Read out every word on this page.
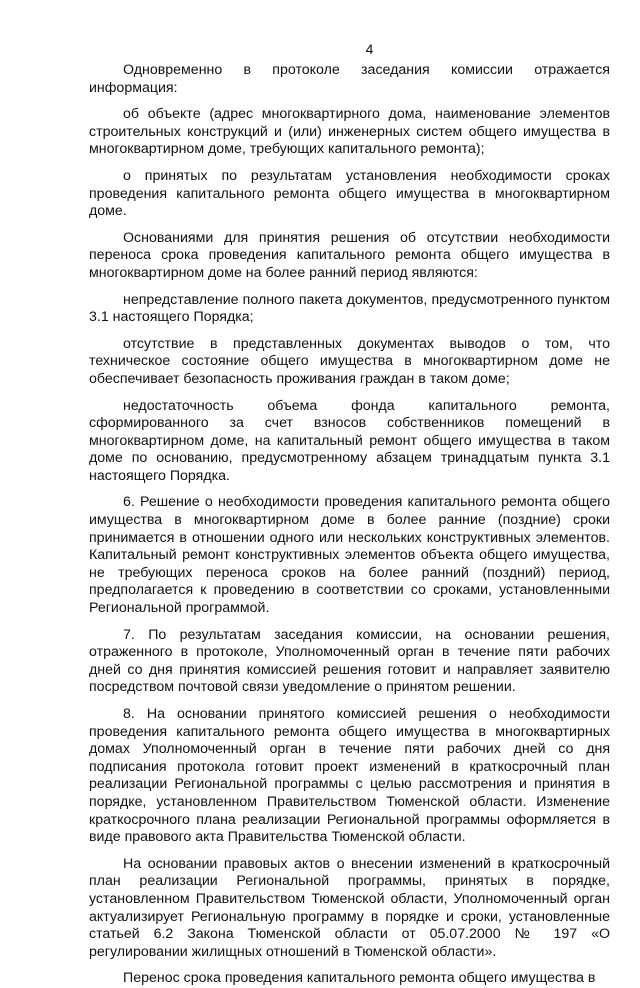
4

Одновременно в протоколе заседания комиссии отражается информация:

об объекте (адрес многоквартирного дома, наименование элементов строительных конструкций и (или) инженерных систем общего имущества в многоквартирном доме, требующих капитального ремонта);

о принятых по результатам установления необходимости сроках проведения капитального ремонта общего имущества в многоквартирном доме.

Основаниями для принятия решения об отсутствии необходимости переноса срока проведения капитального ремонта общего имущества в многоквартирном доме на более ранний период являются:

непредставление полного пакета документов, предусмотренного пунктом 3.1 настоящего Порядка;

отсутствие в представленных документах выводов о том, что техническое состояние общего имущества в многоквартирном доме не обеспечивает безопасность проживания граждан в таком доме;

недостаточность объема фонда капитального ремонта, сформированного за счет взносов собственников помещений в многоквартирном доме, на капитальный ремонт общего имущества в таком доме по основанию, предусмотренному абзацем тринадцатым пункта 3.1 настоящего Порядка.

6. Решение о необходимости проведения капитального ремонта общего имущества в многоквартирном доме в более ранние (поздние) сроки принимается в отношении одного или нескольких конструктивных элементов. Капитальный ремонт конструктивных элементов объекта общего имущества, не требующих переноса сроков на более ранний (поздний) период, предполагается к проведению в соответствии со сроками, установленными Региональной программой.

7. По результатам заседания комиссии, на основании решения, отраженного в протоколе, Уполномоченный орган в течение пяти рабочих дней со дня принятия комиссией решения готовит и направляет заявителю посредством почтовой связи уведомление о принятом решении.

8. На основании принятого комиссией решения о необходимости проведения капитального ремонта общего имущества в многоквартирных домах Уполномоченный орган в течение пяти рабочих дней со дня подписания протокола готовит проект изменений в краткосрочный план реализации Региональной программы с целью рассмотрения и принятия в порядке, установленном Правительством Тюменской области. Изменение краткосрочного плана реализации Региональной программы оформляется в виде правового акта Правительства Тюменской области.

На основании правовых актов о внесении изменений в краткосрочный план реализации Региональной программы, принятых в порядке, установленном Правительством Тюменской области, Уполномоченный орган актуализирует Региональную программу в порядке и сроки, установленные статьей 6.2 Закона Тюменской области от 05.07.2000 № 197 «О регулировании жилищных отношений в Тюменской области».

Перенос срока проведения капитального ремонта общего имущества в
